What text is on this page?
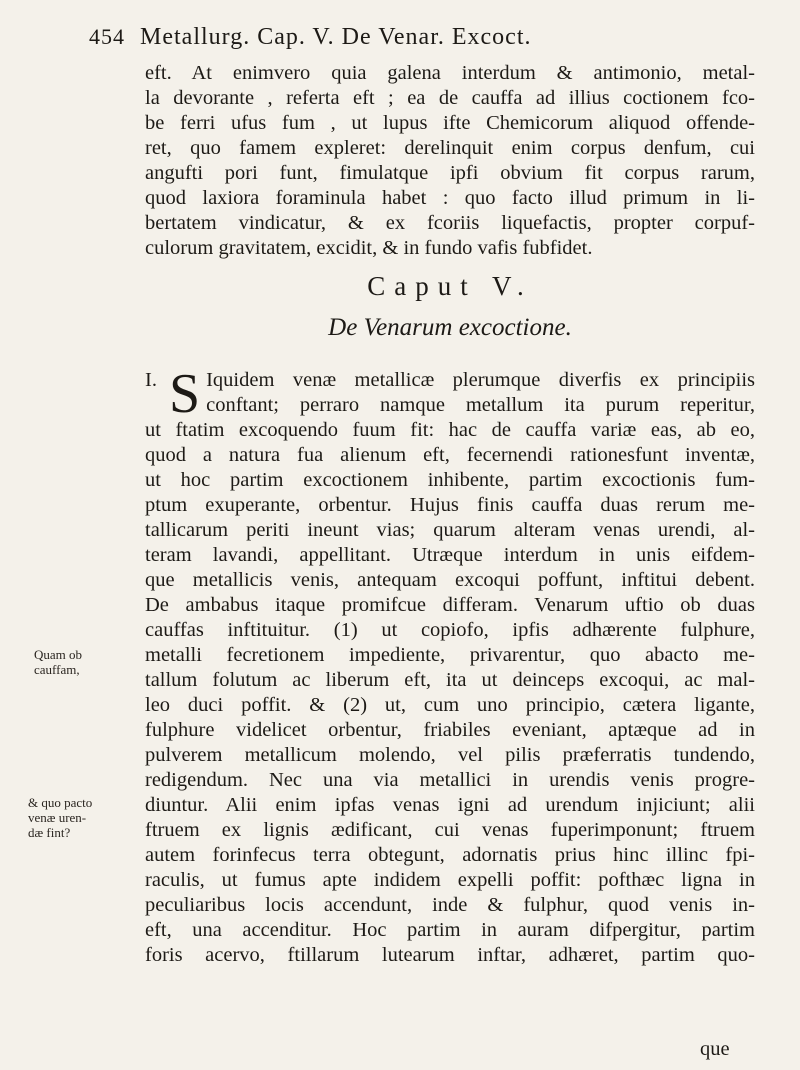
454 Metallurg. Cap. V. De Venar. Excoct.
eft. At enimvero quia galena interdum & antimonio, metal-
la devorante , referta eft ; ea de cauffa ad illius coctionem fco-
be ferri ufus fum , ut lupus ifte Chemicorum aliquod offende-
ret, quo famem expleret: derelinquit enim corpus denfum, cui
angufti pori funt, fimulatque ipfi obvium fit corpus rarum,
quod laxiora foraminula habet : quo facto illud primum in li-
bertatem vindicatur, & ex fcoriis liquefactis, propter corpuf-
culorum gravitatem, excidit, & in fundo vafis fubfidet.
Caput V.
De Venarum excoctione.
I. S Iquidem venæ metallicæ plerumque diverfis ex principiis
conftant; perraro namque metallum ita purum reperitur,
ut ftatim excoquendo fuum fit: hac de cauffa variæ eas, ab eo,
quod a natura fua alienum eft, fecernendi rationesfunt inventæ,
ut hoc partim excoctionem inhibente, partim excoctionis fum-
ptum exuperante, orbentur. Hujus finis cauffa duas rerum me-
tallicarum periti ineunt vias; quarum alteram venas urendi, al-
teram lavandi, appellitant. Utræque interdum in unis eifdem-
que metallicis venis, antequam excoqui poffunt, inftitui debent.
De ambabus itaque promifcue differam. Venarum uftio ob duas
cauffas inftituitur. (1) ut copiofo, ipfis adhærente fulphure,
metalli fecretionem impediente, privarentur, quo abacto me-
tallum folutum ac liberum eft, ita ut deinceps excoqui, ac mal-
leo duci poffit. & (2) ut, cum uno principio, cætera ligante,
fulphure videlicet orbentur, friabiles eveniant, aptæque ad in
pulverem metallicum molendo, vel pilis præferratis tundendo,
redigendum. Nec una via metallici in urendis venis progre-
diuntur. Alii enim ipfas venas igni ad urendum injiciunt; alii
ftruem ex lignis ædificant, cui venas fuperimponunt; ftruem
autem forinfecus terra obtegunt, adornatis prius hinc illinc fpi-
raculis, ut fumus apte indidem expelli poffit: pofthæc ligna in
peculiaribus locis accendunt, inde & fulphur, quod venis in-
eft, una accenditur. Hoc partim in auram difpergitur, partim
foris acervo, ftillarum lutearum inftar, adhæret, partim quo-
Quam ob
cauffam,
& quo pacto
venæ uren-
dæ fint?
que
